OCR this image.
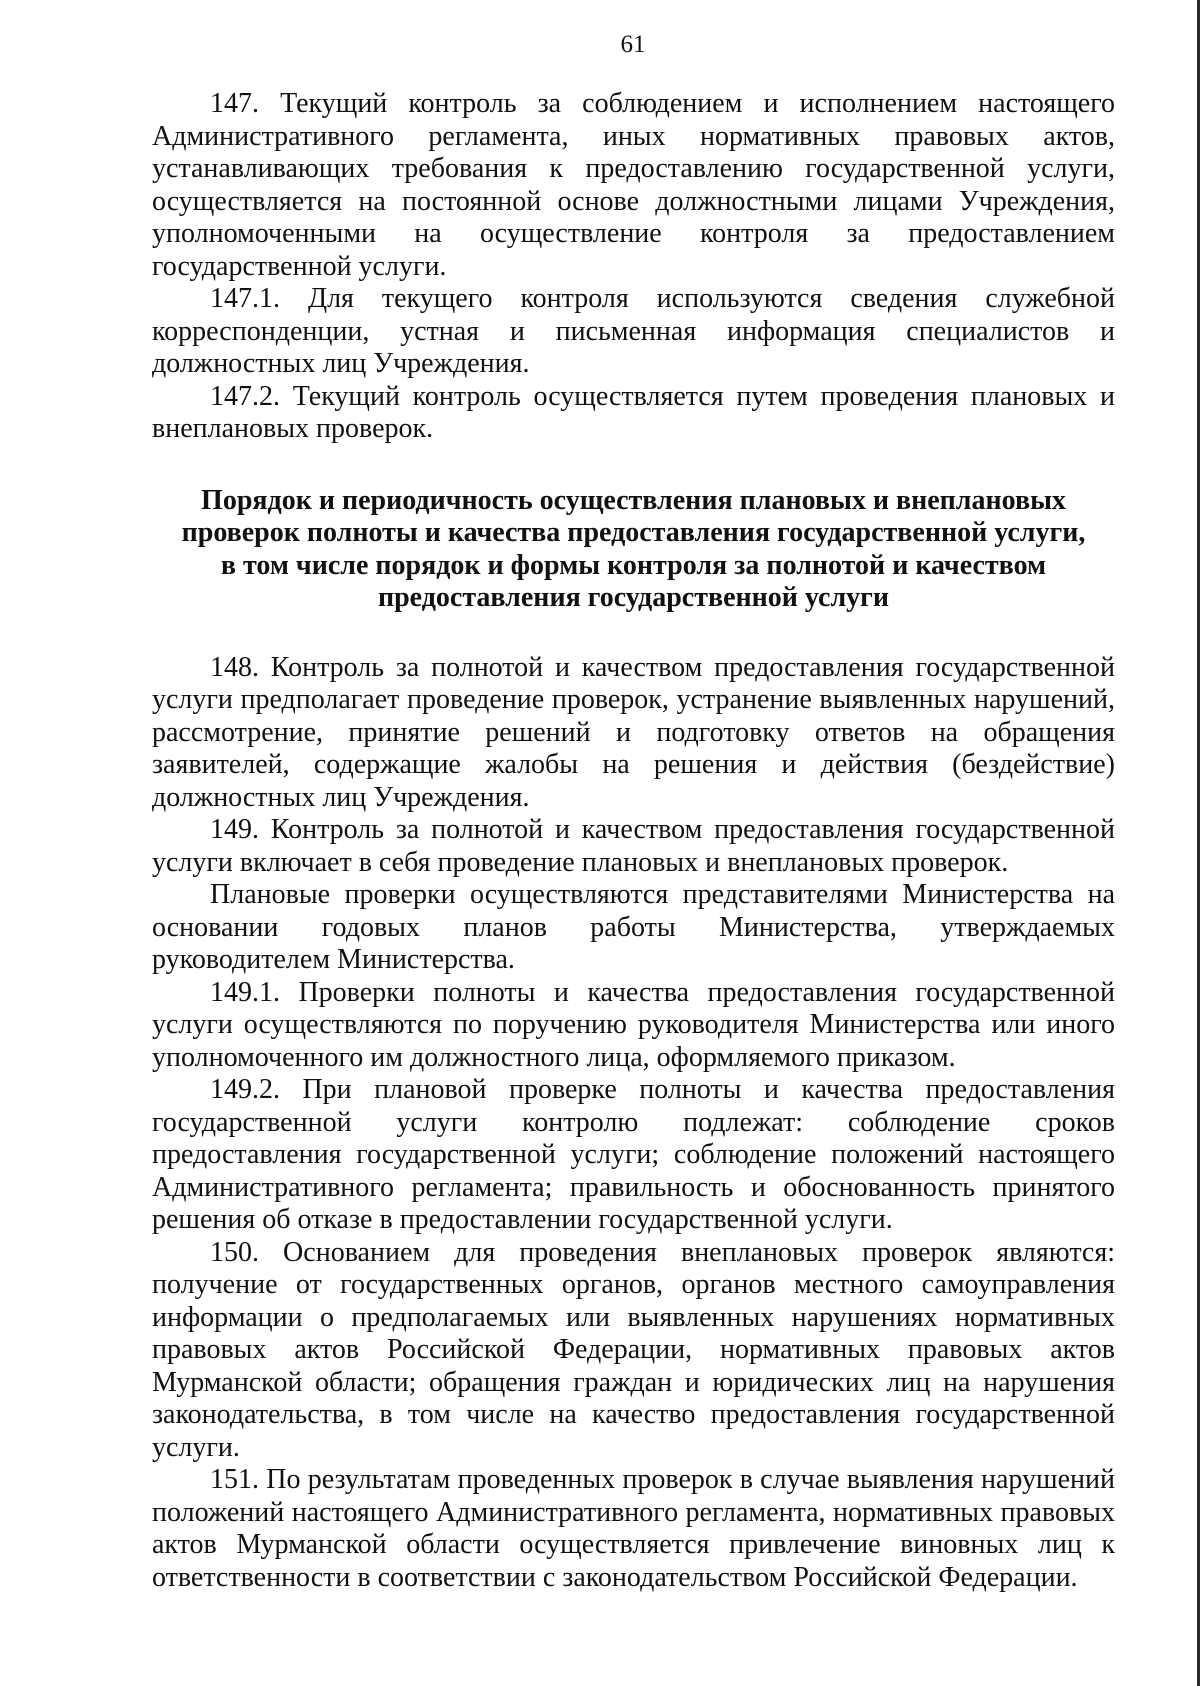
61

147. Текущий контроль за соблюдением и исполнением настоящего Административного регламента, иных нормативных правовых актов, устанавливающих требования к предоставлению государственной услуги, осуществляется на постоянной основе должностными лицами Учреждения, уполномоченными на осуществление контроля за предоставлением государственной услуги.

147.1. Для текущего контроля используются сведения служебной корреспонденции, устная и письменная информация специалистов и должностных лиц Учреждения.

147.2. Текущий контроль осуществляется путем проведения плановых и внеплановых проверок.

Порядок и периодичность осуществления плановых и внеплановых проверок полноты и качества предоставления государственной услуги, в том числе порядок и формы контроля за полнотой и качеством предоставления государственной услуги

148. Контроль за полнотой и качеством предоставления государственной услуги предполагает проведение проверок, устранение выявленных нарушений, рассмотрение, принятие решений и подготовку ответов на обращения заявителей, содержащие жалобы на решения и действия (бездействие) должностных лиц Учреждения.

149. Контроль за полнотой и качеством предоставления государственной услуги включает в себя проведение плановых и внеплановых проверок.

Плановые проверки осуществляются представителями Министерства на основании годовых планов работы Министерства, утверждаемых руководителем Министерства.

149.1. Проверки полноты и качества предоставления государственной услуги осуществляются по поручению руководителя Министерства или иного уполномоченного им должностного лица, оформляемого приказом.

149.2. При плановой проверке полноты и качества предоставления государственной услуги контролю подлежат: соблюдение сроков предоставления государственной услуги; соблюдение положений настоящего Административного регламента; правильность и обоснованность принятого решения об отказе в предоставлении государственной услуги.

150. Основанием для проведения внеплановых проверок являются: получение от государственных органов, органов местного самоуправления информации о предполагаемых или выявленных нарушениях нормативных правовых актов Российской Федерации, нормативных правовых актов Мурманской области; обращения граждан и юридических лиц на нарушения законодательства, в том числе на качество предоставления государственной услуги.

151. По результатам проведенных проверок в случае выявления нарушений положений настоящего Административного регламента, нормативных правовых актов Мурманской области осуществляется привлечение виновных лиц к ответственности в соответствии с законодательством Российской Федерации.
